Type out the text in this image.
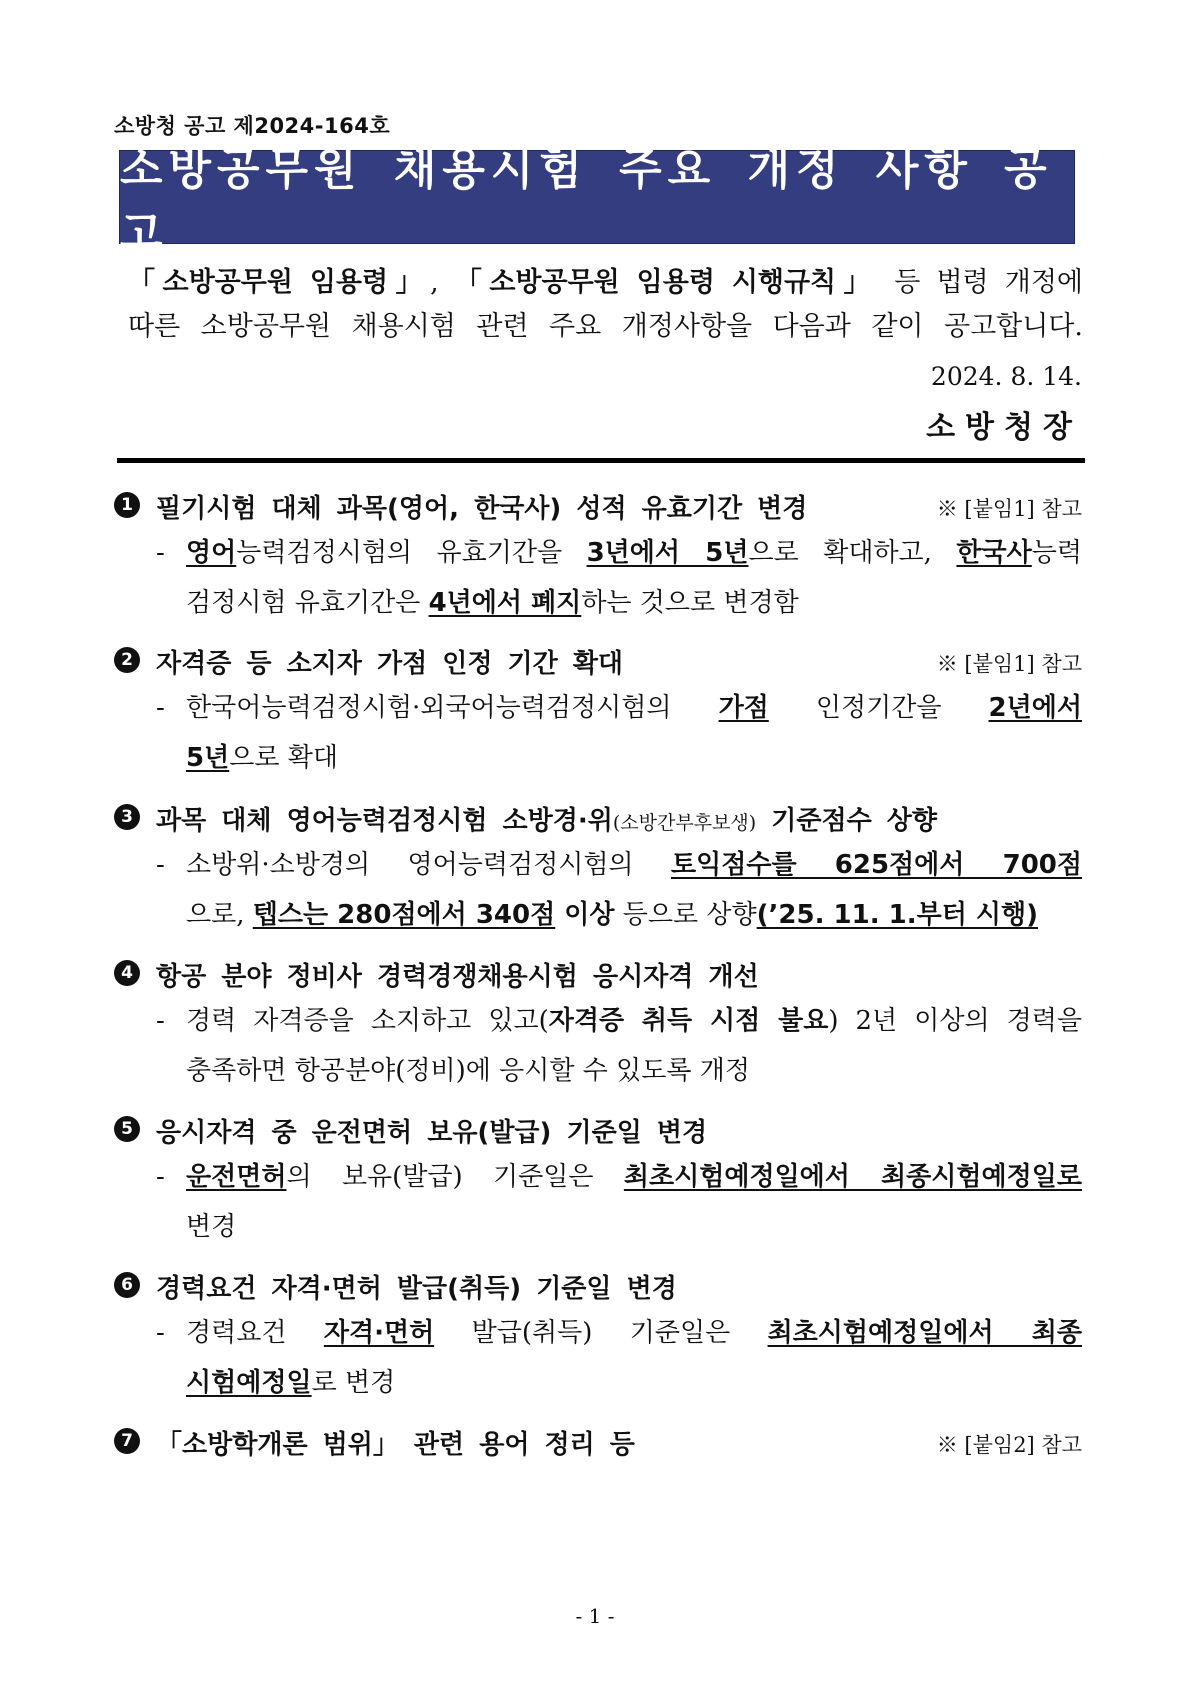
소방청 공고 제2024-164호
소방공무원 채용시험 주요 개정 사항 공고
「소방공무원 임용령」, 「소방공무원 임용령 시행규칙」 등 법령 개정에
따른 소방공무원 채용시험 관련 주요 개정사항을 다음과 같이 공고합니다.
2024. 8. 14.
소방청장
1 필기시험 대체 과목(영어, 한국사) 성적 유효기간 변경	※ [붙임1] 참고
- 영어능력검정시험의 유효기간을 3년에서 5년으로 확대하고, 한국사능력
검정시험 유효기간은 4년에서 폐지하는 것으로 변경함
2 자격증 등 소지자 가점 인정 기간 확대	※ [붙임1] 참고
- 한국어능력검정시험·외국어능력검정시험의 가점 인정기간을 2년에서
5년으로 확대
3 과목 대체 영어능력검정시험 소방경·위(소방간부후보생) 기준점수 상향
- 소방위·소방경의 영어능력검정시험의 토익점수를 625점에서 700점
으로, 텝스는 280점에서 340점 이상 등으로 상향(’25. 11. 1.부터 시행)
4 항공 분야 정비사 경력경쟁채용시험 응시자격 개선
- 경력 자격증을 소지하고 있고(자격증 취득 시점 불요) 2년 이상의 경력을
충족하면 항공분야(정비)에 응시할 수 있도록 개정
5 응시자격 중 운전면허 보유(발급) 기준일 변경
- 운전면허의 보유(발급) 기준일은 최초시험예정일에서 최종시험예정일로
변경
6 경력요건 자격·면허 발급(취득) 기준일 변경
- 경력요건 자격·면허 발급(취득) 기준일은 최초시험예정일에서 최종
시험예정일로 변경
7 「소방학개론 범위」 관련 용어 정리 등	※ [붙임2] 참고
- 1 -
